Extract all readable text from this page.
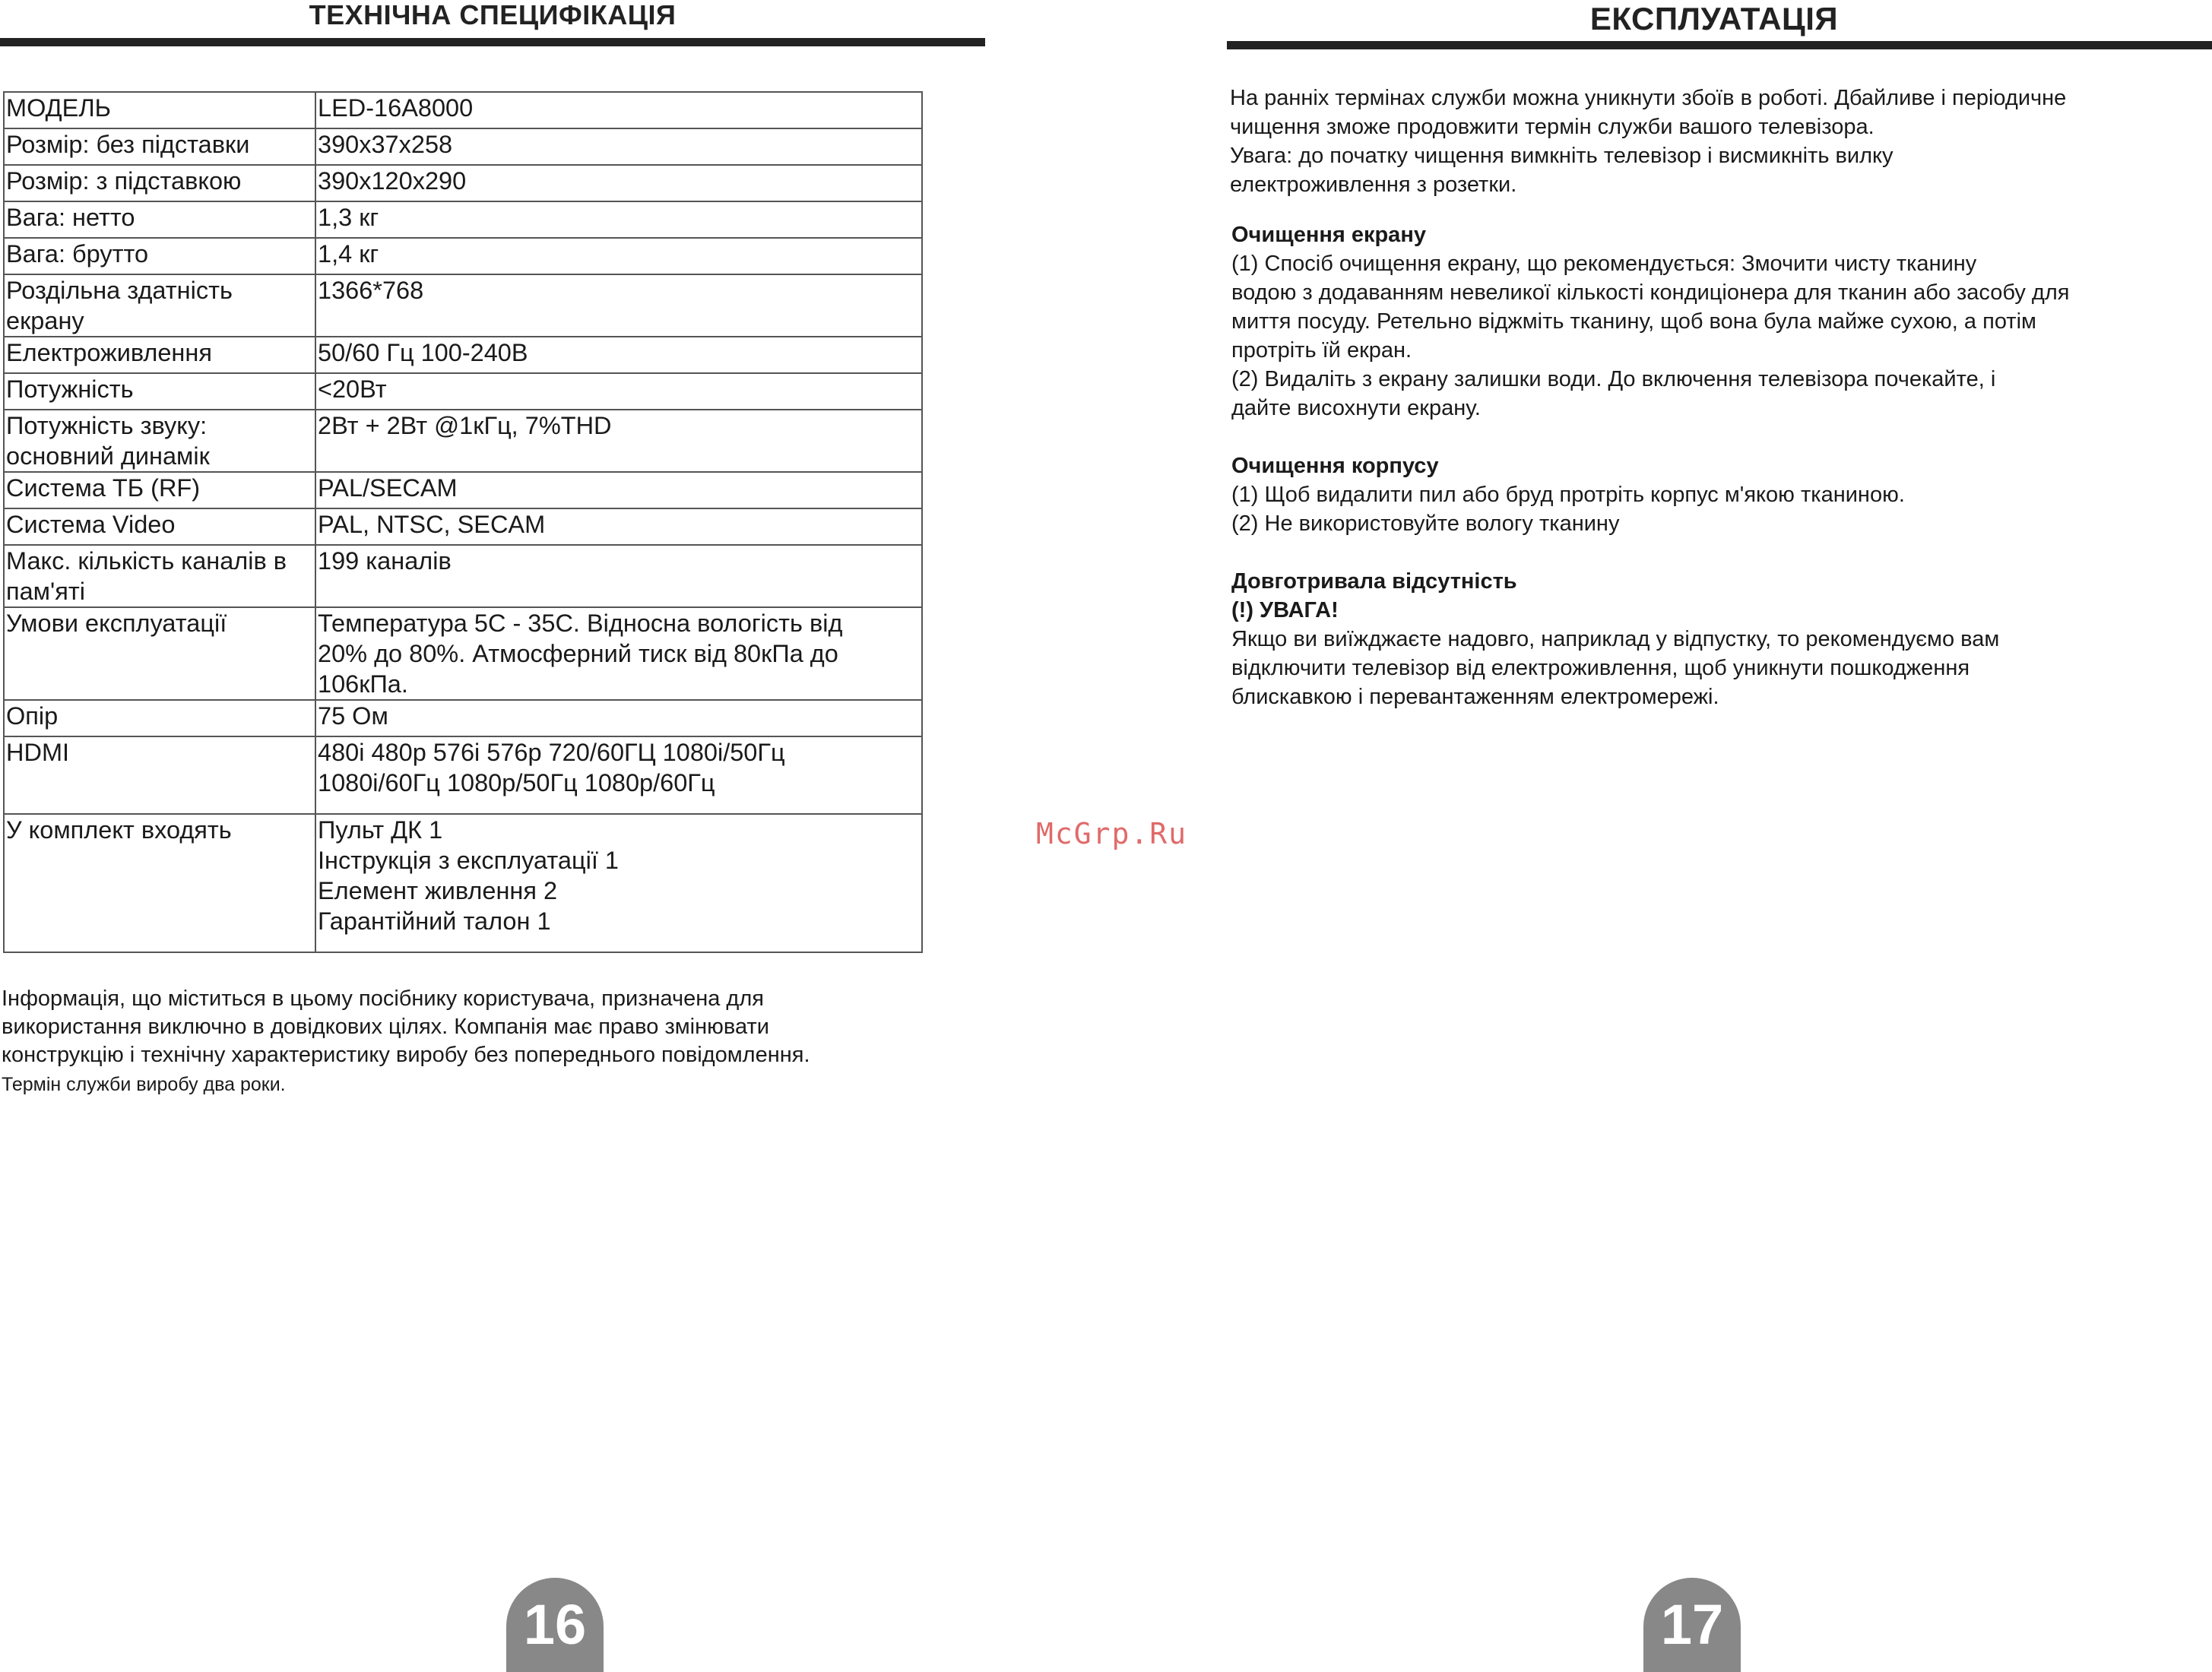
ТЕХНІЧНА СПЕЦИФІКАЦІЯ
МОДЕЛЬ	LED-16A8000

Розмір: без підставки	390x37x258

Розмір: з підставкою	390x120x290

Вага: нетто	1,3 кг

Вага: брутто	1,4 кг

Роздільна здатність
екрану	1366*768

Електроживлення	50/60 Гц 100-240В

Потужність	<20Вт

Потужність звуку:
основний динамік	2Вт + 2Вт @1кГц, 7%THD

Система ТБ (RF)	PAL/SECAM

Система Video	PAL, NTSC, SECAM

Макс. кількість каналів в
пам'яті	199 каналів

Умови експлуатації	Температура 5С - 35С. Відносна вологість від
20% до 80%. Атмосферний тиск від 80кПа до
106кПа.

Опір	75 Ом

HDMI	480i 480p 576i 576p 720/60ГЦ 1080i/50Гц
1080i/60Гц 1080p/50Гц 1080p/60Гц

У комплект входять	Пульт ДК 1
Інструкція з експлуатації 1
Елемент живлення 2
Гарантійний талон 1
Інформація, що міститься в цьому посібнику користувача, призначена для
використання виключно в довідкових цілях. Компанія має право змінювати
конструкцію і технічну характеристику виробу без попереднього повідомлення.
Термін служби виробу два роки.
16
McGrp.Ru
ЕКСПЛУАТАЦІЯ

На ранніх термінах служби можна уникнути збоїв в роботі. Дбайливе і періодичне

чищення зможе продовжити термін служби вашого телевізора.

Увага: до початку чищення вимкніть телевізор і висмикніть вилку

електроживлення з розетки.

Очищення екрану

(1) Спосіб очищення екрану, що рекомендується: Змочити чисту тканину

водою з додаванням невеликої кількості кондиціонера для тканин або засобу для

миття посуду. Ретельно віджміть тканину, щоб вона була майже сухою, а потім

протріть їй екран.

(2) Видаліть з екрану залишки води. До включення телевізора почекайте, і

дайте висохнути екрану.

Очищення корпусу

(1) Щоб видалити пил або бруд протріть корпус м'якою тканиною.

(2) Не використовуйте вологу тканину

Довготривала відсутність

(!) УВАГА!

Якщо ви виїжджаєте надовго, наприклад у відпустку, то рекомендуємо вам

відключити телевізор від електроживлення, щоб уникнути пошкодження

блискавкою і перевантаженням електромережі.

17
